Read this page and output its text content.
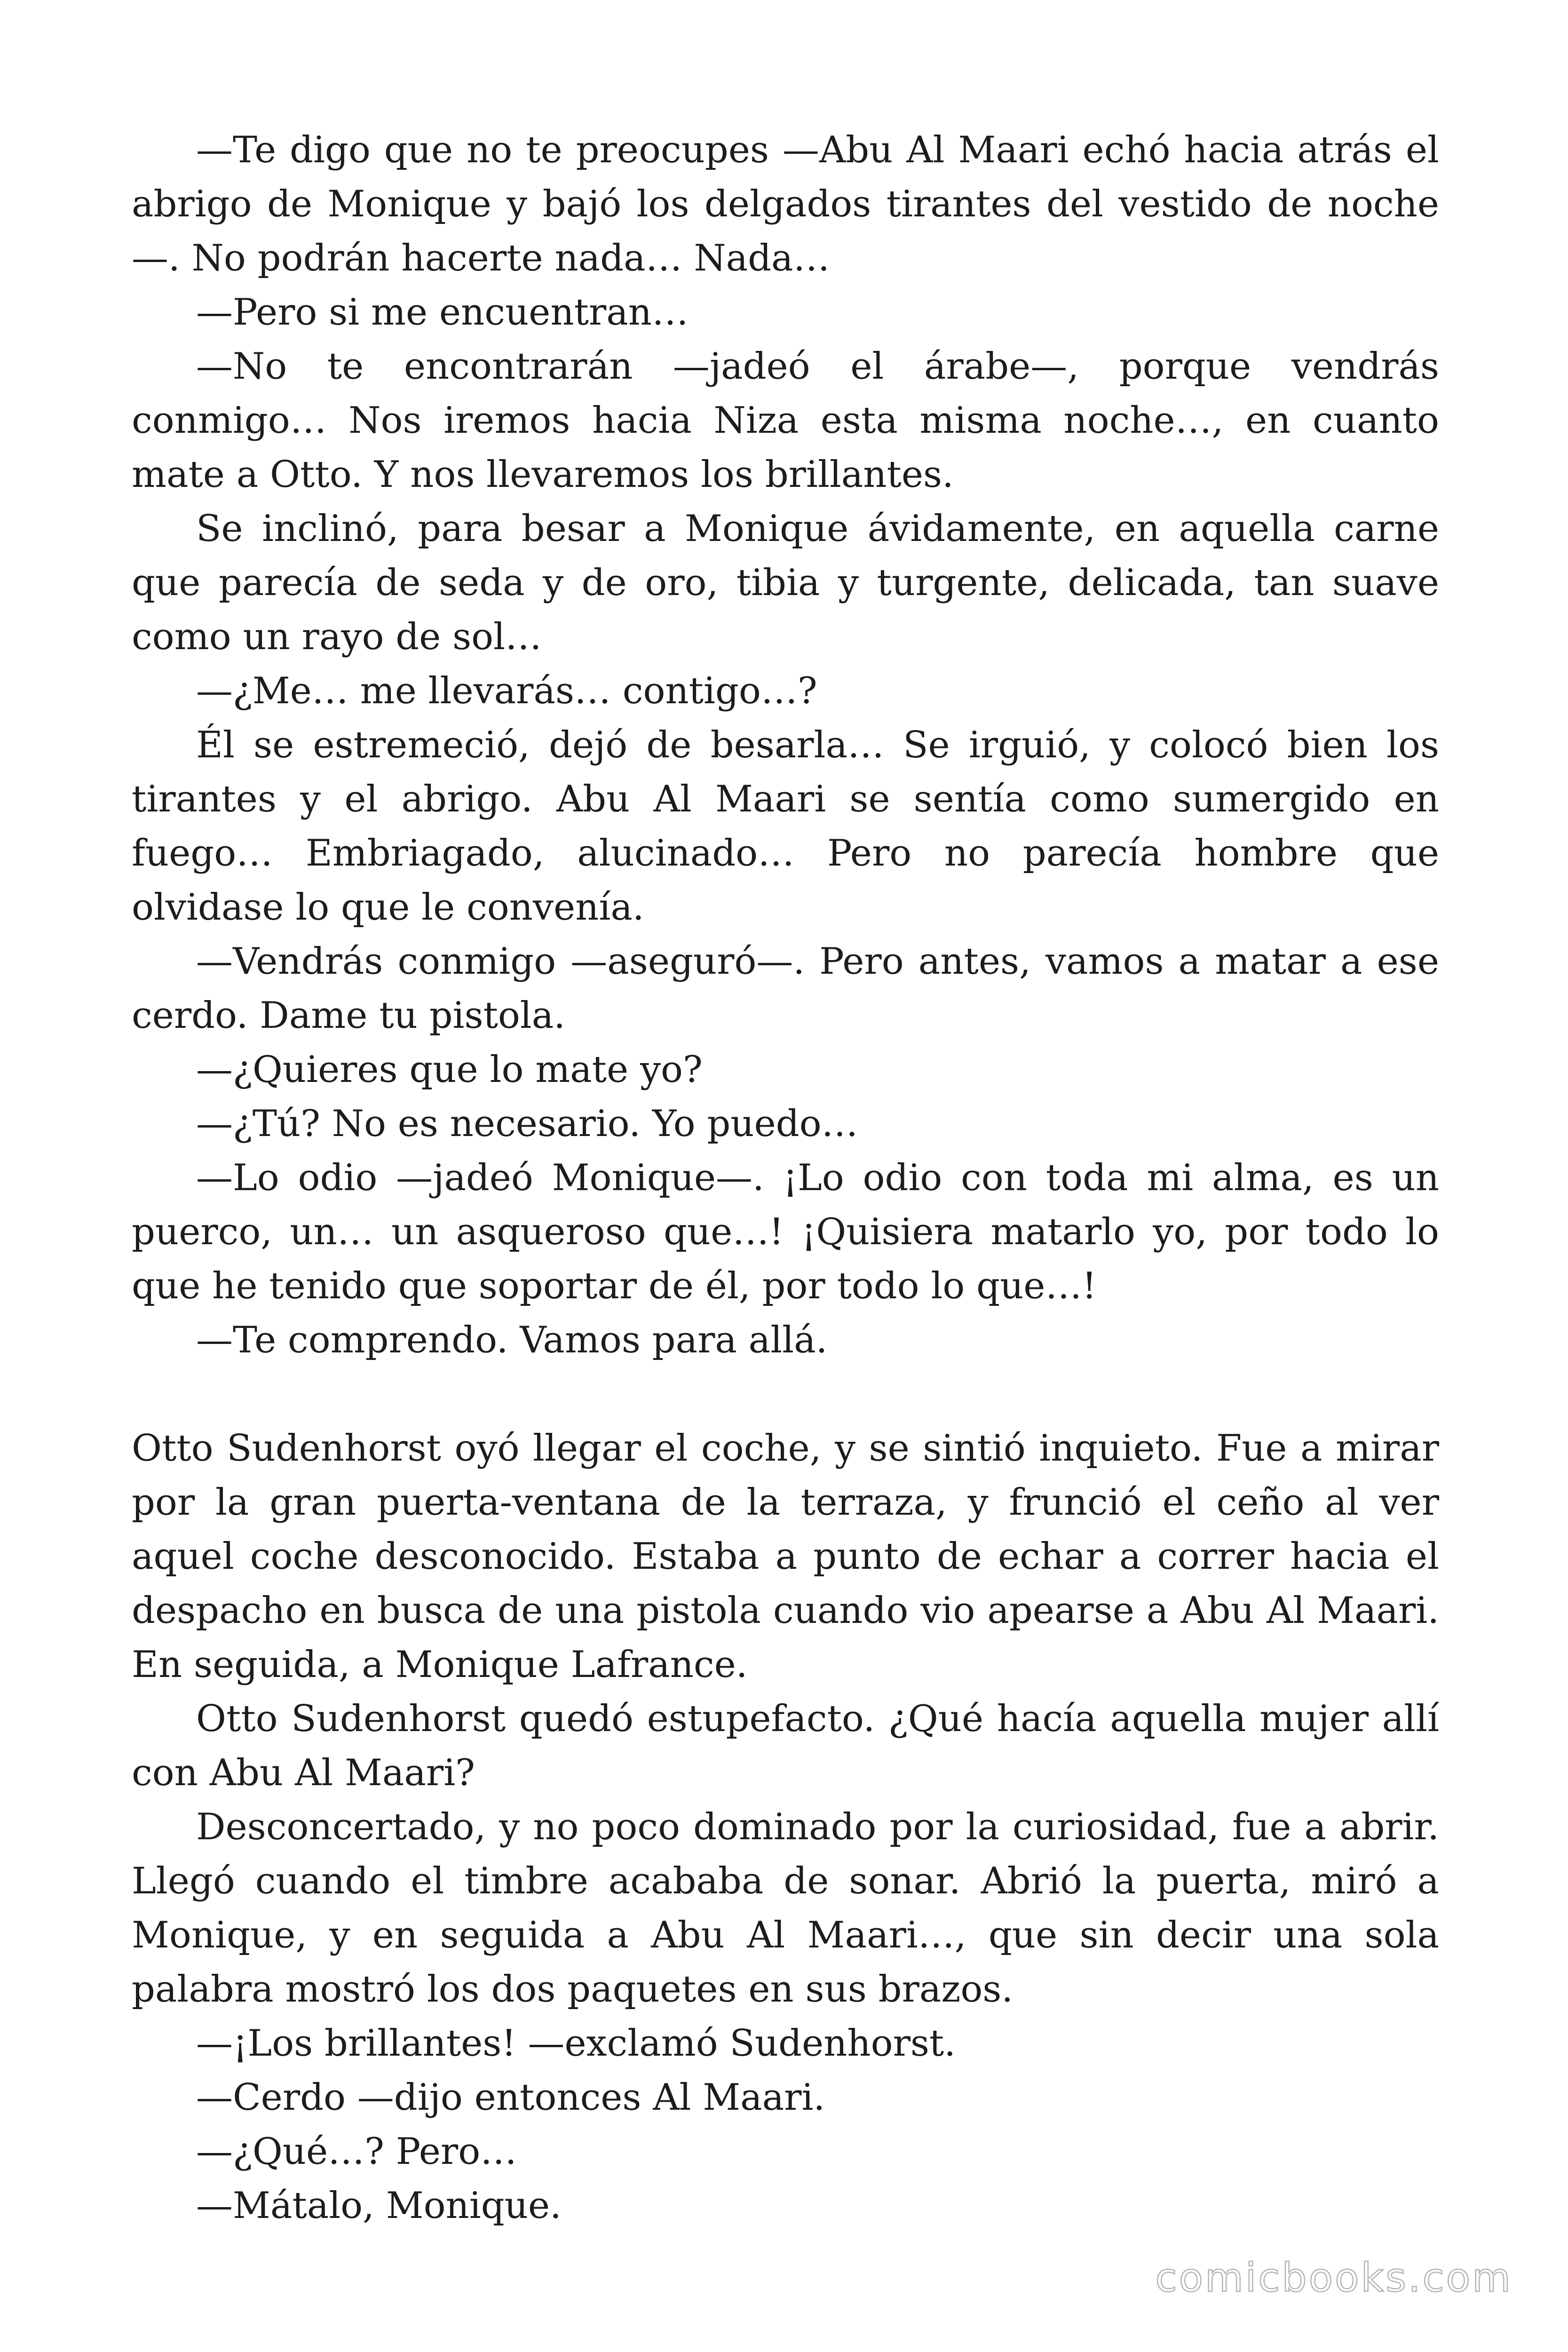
—Te digo que no te preocupes —Abu Al Maari echó hacia atrás el abrigo de Monique y bajó los delgados tirantes del vestido de noche—. No podrán hacerte nada… Nada…

—Pero si me encuentran…

—No te encontrarán —jadeó el árabe—, porque vendrás conmigo… Nos iremos hacia Niza esta misma noche…, en cuanto mate a Otto. Y nos llevaremos los brillantes.

Se inclinó, para besar a Monique ávidamente, en aquella carne que parecía de seda y de oro, tibia y turgente, delicada, tan suave como un rayo de sol…

—¿Me… me llevarás… contigo…?

Él se estremeció, dejó de besarla… Se irguió, y colocó bien los tirantes y el abrigo. Abu Al Maari se sentía como sumergido en fuego… Embriagado, alucinado… Pero no parecía hombre que olvidase lo que le convenía.

—Vendrás conmigo —aseguró—. Pero antes, vamos a matar a ese cerdo. Dame tu pistola.

—¿Quieres que lo mate yo?

—¿Tú? No es necesario. Yo puedo…

—Lo odio —jadeó Monique—. ¡Lo odio con toda mi alma, es un puerco, un… un asqueroso que…! ¡Quisiera matarlo yo, por todo lo que he tenido que soportar de él, por todo lo que…!

—Te comprendo. Vamos para allá.

Otto Sudenhorst oyó llegar el coche, y se sintió inquieto. Fue a mirar por la gran puerta-ventana de la terraza, y frunció el ceño al ver aquel coche desconocido. Estaba a punto de echar a correr hacia el despacho en busca de una pistola cuando vio apearse a Abu Al Maari. En seguida, a Monique Lafrance.

Otto Sudenhorst quedó estupefacto. ¿Qué hacía aquella mujer allí con Abu Al Maari?

Desconcertado, y no poco dominado por la curiosidad, fue a abrir. Llegó cuando el timbre acababa de sonar. Abrió la puerta, miró a Monique, y en seguida a Abu Al Maari…, que sin decir una sola palabra mostró los dos paquetes en sus brazos.

—¡Los brillantes! —exclamó Sudenhorst.

—Cerdo —dijo entonces Al Maari.

—¿Qué…? Pero…

—Mátalo, Monique.

comicbooks.com
